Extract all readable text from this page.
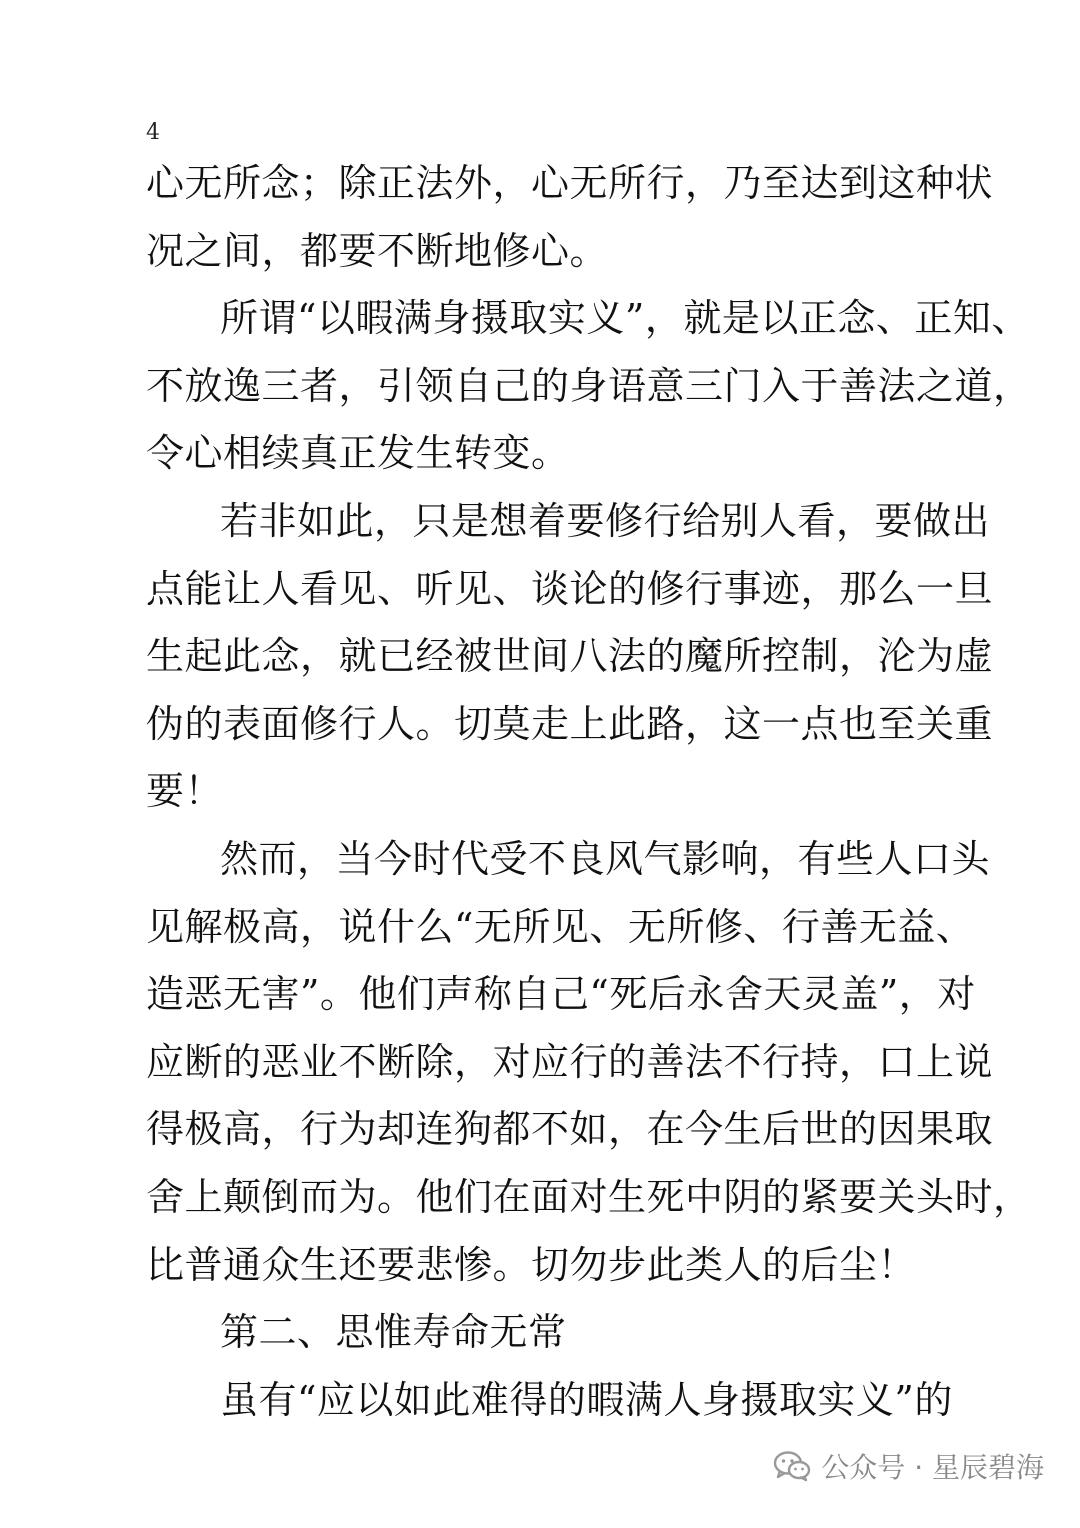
4
心无所念；除正法外，心无所行，乃至达到这种状
况之间，都要不断地修心。
所谓“以暇满身摄取实义”，就是以正念、正知、
不放逸三者，引领自己的身语意三门入于善法之道，
令心相续真正发生转变。
若非如此，只是想着要修行给别人看，要做出
点能让人看见、听见、谈论的修行事迹，那么一旦
生起此念，就已经被世间八法的魔所控制，沦为虚
伪的表面修行人。切莫走上此路，这一点也至关重
要！
然而，当今时代受不良风气影响，有些人口头
见解极高，说什么“无所见、无所修、行善无益、
造恶无害”。他们声称自己“死后永舍天灵盖”，对
应断的恶业不断除，对应行的善法不行持，口上说
得极高，行为却连狗都不如，在今生后世的因果取
舍上颠倒而为。他们在面对生死中阴的紧要关头时，
比普通众生还要悲惨。切勿步此类人的后尘！
第二、思惟寿命无常
虽有“应以如此难得的暇满人身摄取实义”的
公众号 · 星辰碧海
